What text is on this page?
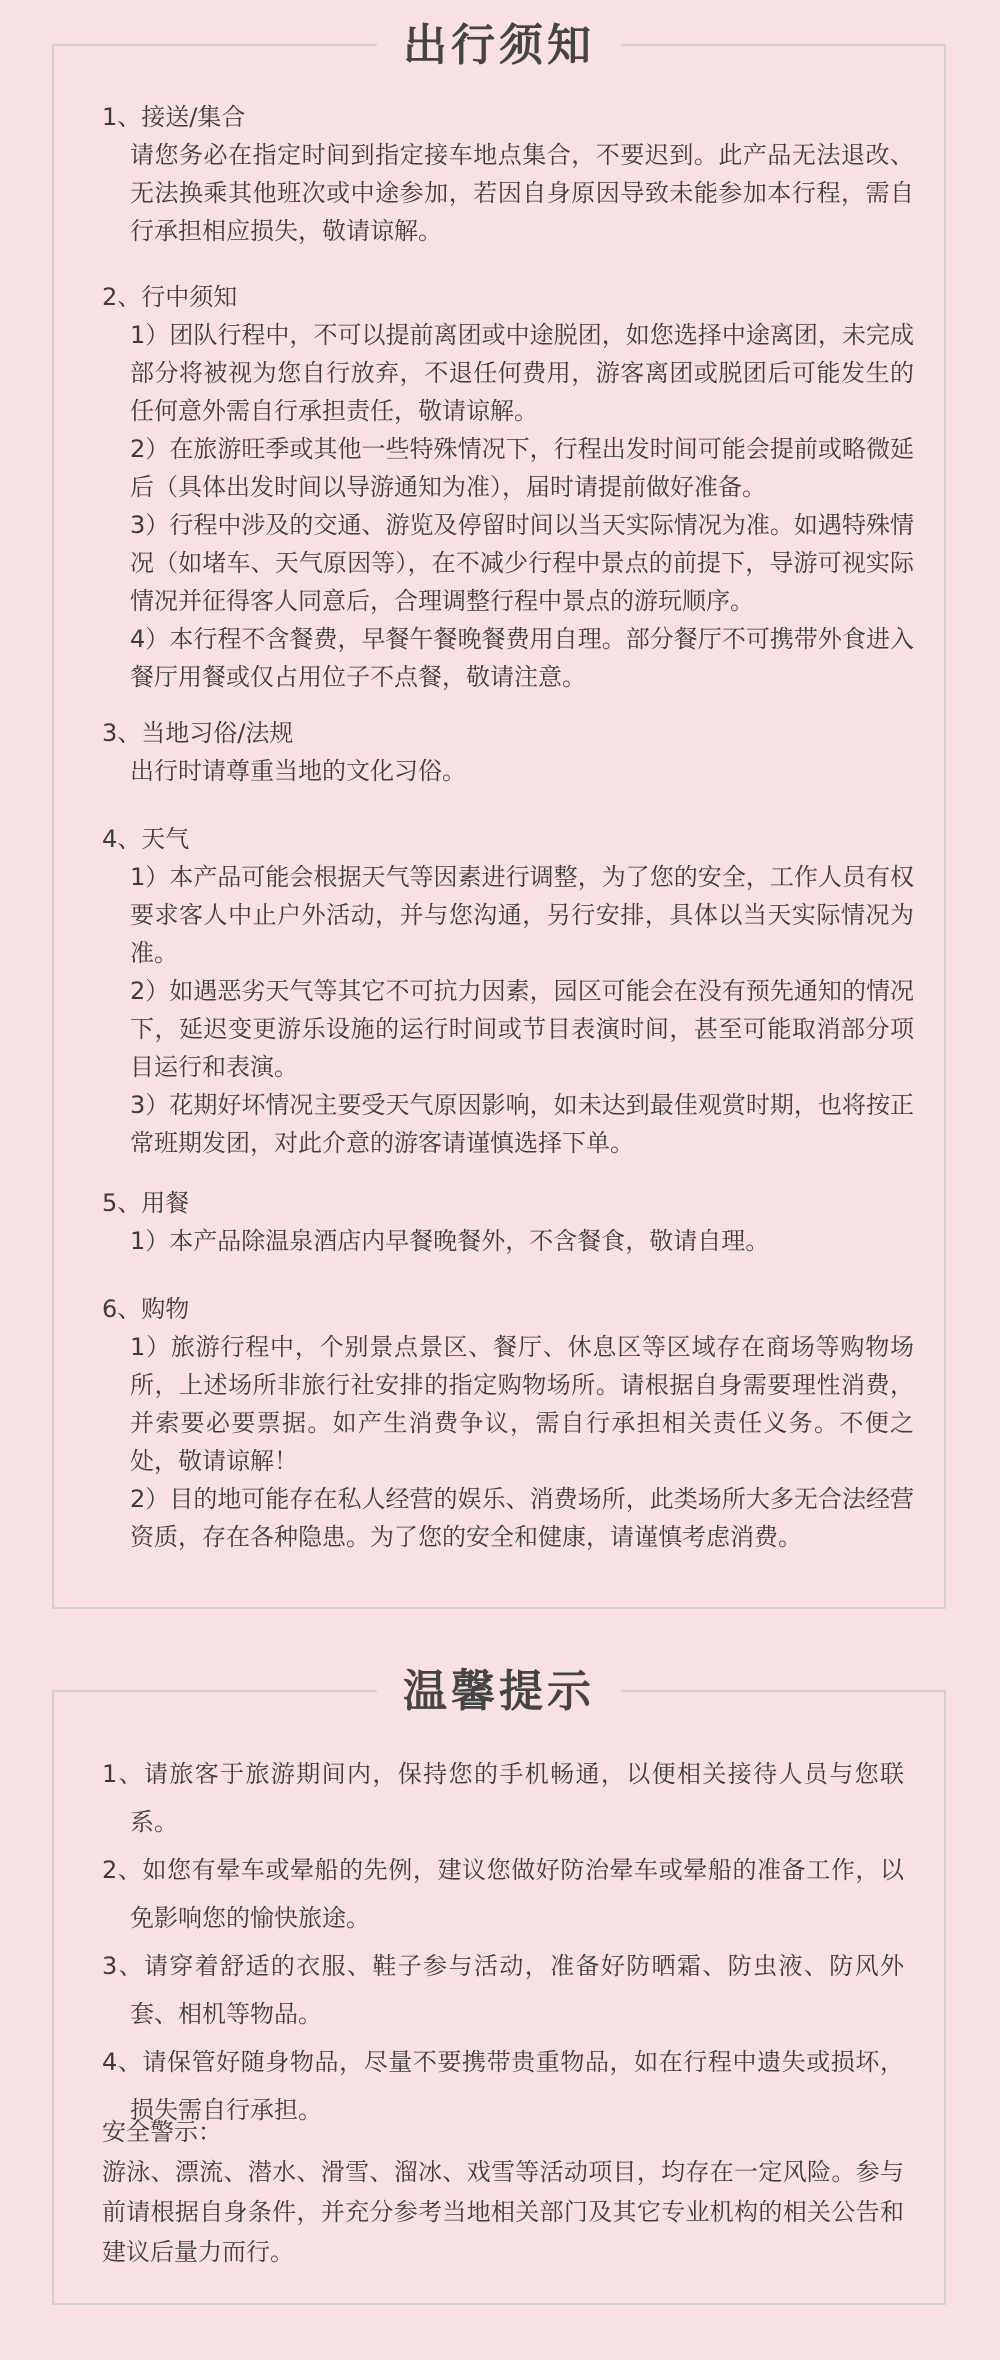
出行须知
1、接送/集合
请您务必在指定时间到指定接车地点集合，不要迟到。此产品无法退改、无法换乘其他班次或中途参加，若因自身原因导致未能参加本行程，需自行承担相应损失，敬请谅解。
2、行中须知
1）团队行程中，不可以提前离团或中途脱团，如您选择中途离团，未完成部分将被视为您自行放弃，不退任何费用，游客离团或脱团后可能发生的任何意外需自行承担责任，敬请谅解。
2）在旅游旺季或其他一些特殊情况下，行程出发时间可能会提前或略微延后（具体出发时间以导游通知为准），届时请提前做好准备。
3）行程中涉及的交通、游览及停留时间以当天实际情况为准。如遇特殊情况（如堵车、天气原因等），在不减少行程中景点的前提下，导游可视实际情况并征得客人同意后，合理调整行程中景点的游玩顺序。
4）本行程不含餐费，早餐午餐晚餐费用自理。部分餐厅不可携带外食进入餐厅用餐或仅占用位子不点餐，敬请注意。
3、当地习俗/法规
出行时请尊重当地的文化习俗。
4、天气
1）本产品可能会根据天气等因素进行调整，为了您的安全，工作人员有权要求客人中止户外活动，并与您沟通，另行安排，具体以当天实际情况为准。
2）如遇恶劣天气等其它不可抗力因素，园区可能会在没有预先通知的情况下，延迟变更游乐设施的运行时间或节目表演时间，甚至可能取消部分项目运行和表演。
3）花期好坏情况主要受天气原因影响，如未达到最佳观赏时期，也将按正常班期发团，对此介意的游客请谨慎选择下单。
5、用餐
1）本产品除温泉酒店内早餐晚餐外，不含餐食，敬请自理。
6、购物
1）旅游行程中，个别景点景区、餐厅、休息区等区域存在商场等购物场所，上述场所非旅行社安排的指定购物场所。请根据自身需要理性消费，并索要必要票据。如产生消费争议，需自行承担相关责任义务。不便之处，敬请谅解！
2）目的地可能存在私人经营的娱乐、消费场所，此类场所大多无合法经营资质，存在各种隐患。为了您的安全和健康，请谨慎考虑消费。
温馨提示
1、请旅客于旅游期间内，保持您的手机畅通，以便相关接待人员与您联系。
2、如您有晕车或晕船的先例，建议您做好防治晕车或晕船的准备工作，以免影响您的愉快旅途。
3、请穿着舒适的衣服、鞋子参与活动，准备好防晒霜、防虫液、防风外套、相机等物品。
4、请保管好随身物品，尽量不要携带贵重物品，如在行程中遗失或损坏，损失需自行承担。
安全警示：
游泳、漂流、潜水、滑雪、溜冰、戏雪等活动项目，均存在一定风险。参与前请根据自身条件，并充分参考当地相关部门及其它专业机构的相关公告和建议后量力而行。
